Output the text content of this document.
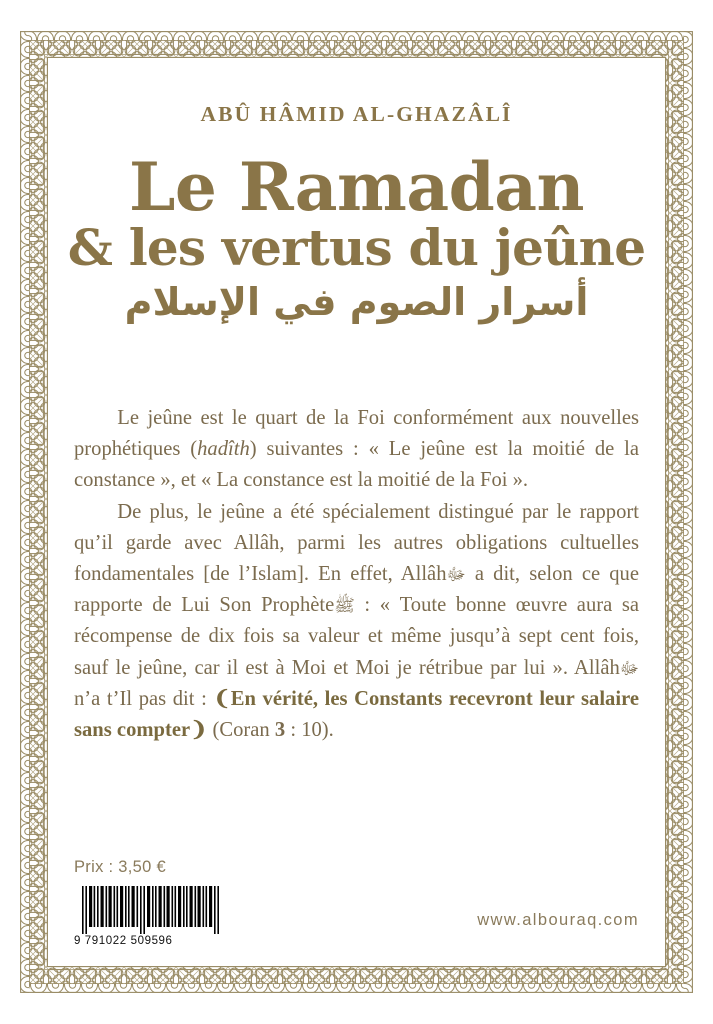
ABÛ HÂMID AL-GHAZÂLÎ
Le Ramadan
& les vertus du jeûne
أسرار الصوم في الإسلام

Le jeûne est le quart de la Foi conformément aux nouvelles prophétiques (hadîth) suivantes : « Le jeûne est la moitié de la constance », et « La constance est la moitié de la Foi ».

De plus, le jeûne a été spécialement distingué par le rapport qu’il garde avec Allâh, parmi les autres obligations cultuelles fondamentales [de l’Islam]. En effet, Allâhﷻ a dit, selon ce que rapporte de Lui Son Prophèteﷺ : « Toute bonne œuvre aura sa récompense de dix fois sa valeur et même jusqu’à sept cent fois, sauf le jeûne, car il est à Moi et Moi je rétribue par lui ». Allâhﷻ n’a t’Il pas dit : ❨En vérité, les Constants recevront leur salaire sans compter❩ (Coran 3 : 10).

Prix : 3,50 €
9 791022 509596
www.albouraq.com
